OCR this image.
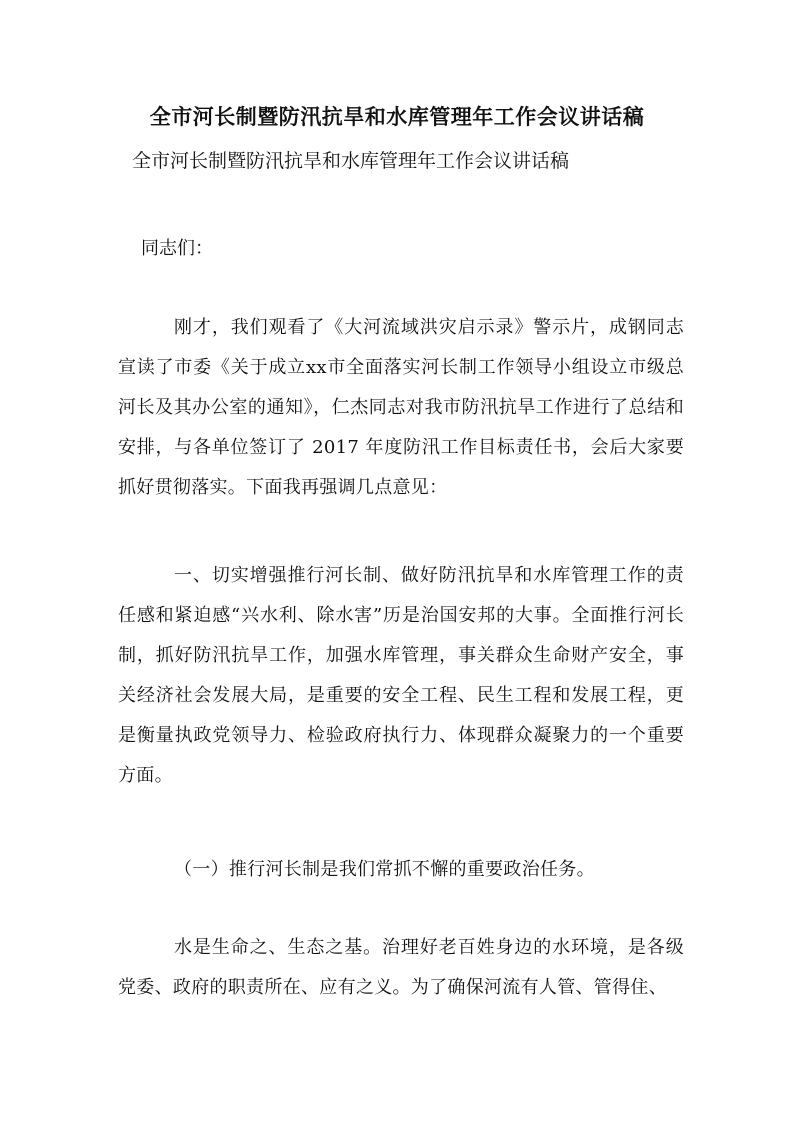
全市河长制暨防汛抗旱和水库管理年工作会议讲话稿
全市河长制暨防汛抗旱和水库管理年工作会议讲话稿
同志们：
刚才，我们观看了《大河流域洪灾启示录》警示片，成钢同志宣读了市委《关于成立xx市全面落实河长制工作领导小组设立市级总河长及其办公室的通知》，仁杰同志对我市防汛抗旱工作进行了总结和安排，与各单位签订了 2017 年度防汛工作目标责任书，会后大家要抓好贯彻落实。下面我再强调几点意见：
一、切实增强推行河长制、做好防汛抗旱和水库管理工作的责任感和紧迫感“兴水利、除水害”历是治国安邦的大事。全面推行河长制，抓好防汛抗旱工作，加强水库管理，事关群众生命财产安全，事关经济社会发展大局，是重要的安全工程、民生工程和发展工程，更是衡量执政党领导力、检验政府执行力、体现群众凝聚力的一个重要方面。
（一）推行河长制是我们常抓不懈的重要政治任务。
水是生命之、生态之基。治理好老百姓身边的水环境，是各级党委、政府的职责所在、应有之义。为了确保河流有人管、管得住、
